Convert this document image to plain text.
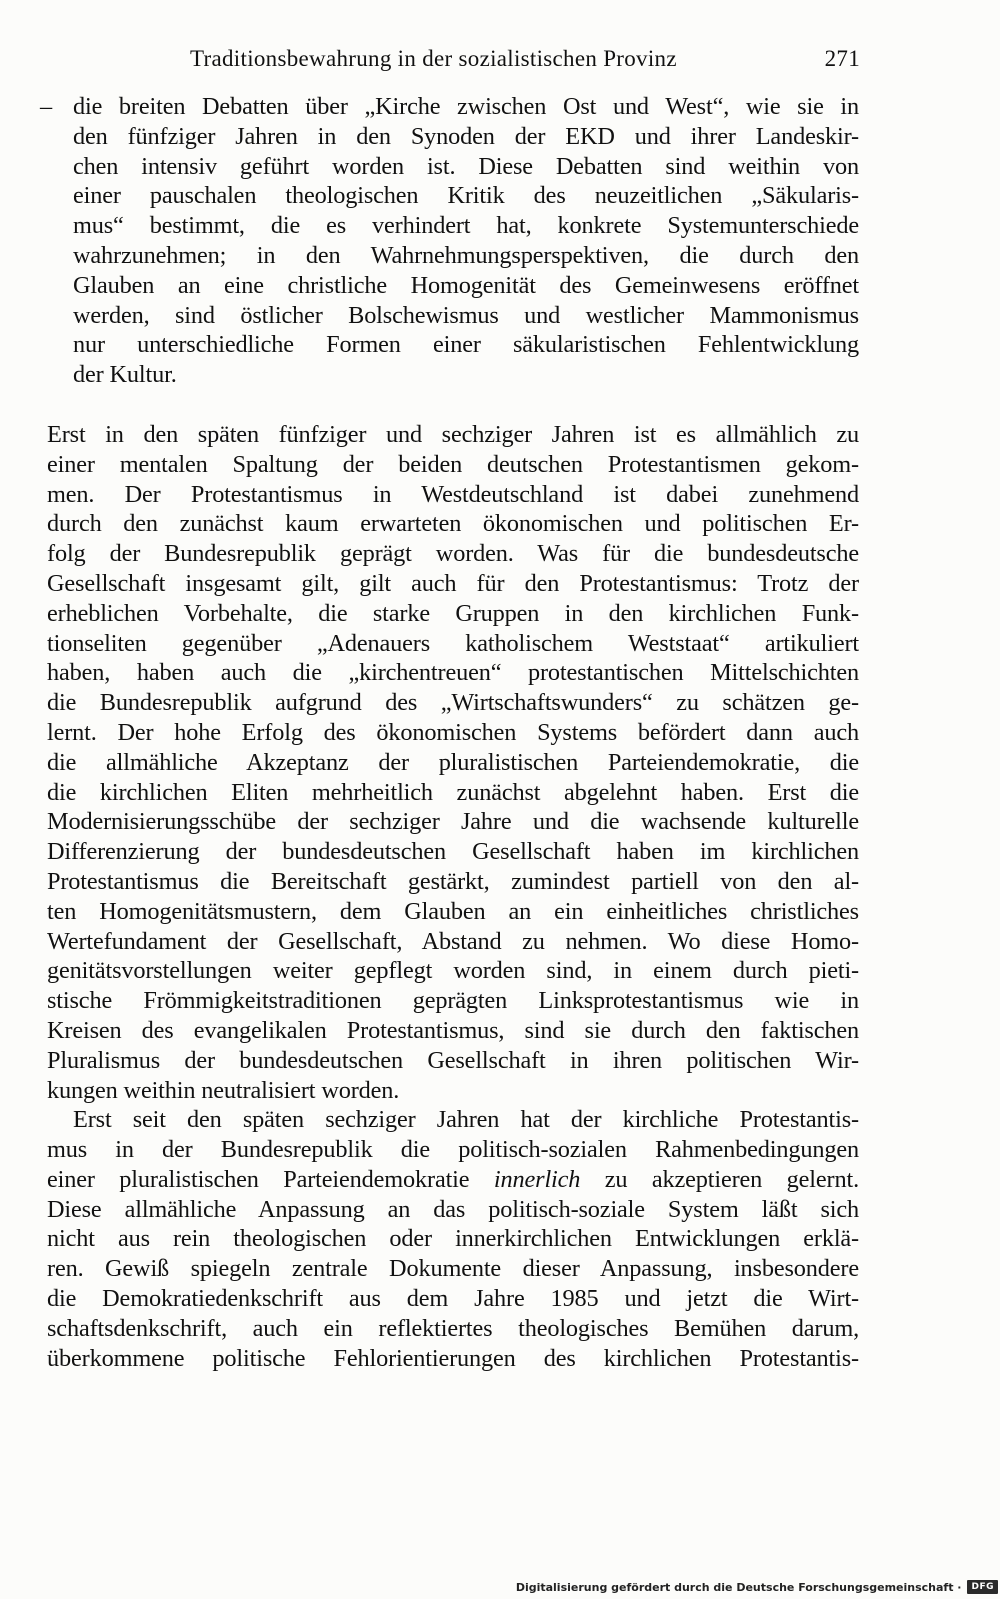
Traditionsbewahrung in der sozialistischen Provinz	271
– die breiten Debatten über „Kirche zwischen Ost und West“, wie sie in
den fünfziger Jahren in den Synoden der EKD und ihrer Landeskir-
chen intensiv geführt worden ist. Diese Debatten sind weithin von
einer pauschalen theologischen Kritik des neuzeitlichen „Säkularis-
mus“ bestimmt, die es verhindert hat, konkrete Systemunterschiede
wahrzunehmen; in den Wahrnehmungsperspektiven, die durch den
Glauben an eine christliche Homogenität des Gemeinwesens eröffnet
werden, sind östlicher Bolschewismus und westlicher Mammonismus
nur unterschiedliche Formen einer säkularistischen Fehlentwicklung
der Kultur.
Erst in den späten fünfziger und sechziger Jahren ist es allmählich zu
einer mentalen Spaltung der beiden deutschen Protestantismen gekom-
men. Der Protestantismus in Westdeutschland ist dabei zunehmend
durch den zunächst kaum erwarteten ökonomischen und politischen Er-
folg der Bundesrepublik geprägt worden. Was für die bundesdeutsche
Gesellschaft insgesamt gilt, gilt auch für den Protestantismus: Trotz der
erheblichen Vorbehalte, die starke Gruppen in den kirchlichen Funk-
tionseliten gegenüber „Adenauers katholischem Weststaat“ artikuliert
haben, haben auch die „kirchentreuen“ protestantischen Mittelschichten
die Bundesrepublik aufgrund des „Wirtschaftswunders“ zu schätzen ge-
lernt. Der hohe Erfolg des ökonomischen Systems befördert dann auch
die allmähliche Akzeptanz der pluralistischen Parteiendemokratie, die
die kirchlichen Eliten mehrheitlich zunächst abgelehnt haben. Erst die
Modernisierungsschübe der sechziger Jahre und die wachsende kulturelle
Differenzierung der bundesdeutschen Gesellschaft haben im kirchlichen
Protestantismus die Bereitschaft gestärkt, zumindest partiell von den al-
ten Homogenitätsmustern, dem Glauben an ein einheitliches christliches
Wertefundament der Gesellschaft, Abstand zu nehmen. Wo diese Homo-
genitätsvorstellungen weiter gepflegt worden sind, in einem durch pieti-
stische Frömmigkeitstraditionen geprägten Linksprotestantismus wie in
Kreisen des evangelikalen Protestantismus, sind sie durch den faktischen
Pluralismus der bundesdeutschen Gesellschaft in ihren politischen Wir-
kungen weithin neutralisiert worden.
Erst seit den späten sechziger Jahren hat der kirchliche Protestantis-
mus in der Bundesrepublik die politisch-sozialen Rahmenbedingungen
einer pluralistischen Parteiendemokratie innerlich zu akzeptieren gelernt.
Diese allmähliche Anpassung an das politisch-soziale System läßt sich
nicht aus rein theologischen oder innerkirchlichen Entwicklungen erklä-
ren. Gewiß spiegeln zentrale Dokumente dieser Anpassung, insbesondere
die Demokratiedenkschrift aus dem Jahre 1985 und jetzt die Wirt-
schaftsdenkschrift, auch ein reflektiertes theologisches Bemühen darum,
überkommene politische Fehlorientierungen des kirchlichen Protestantis-
Digitalisierung gefördert durch die Deutsche Forschungsgemeinschaft ·	DFG
